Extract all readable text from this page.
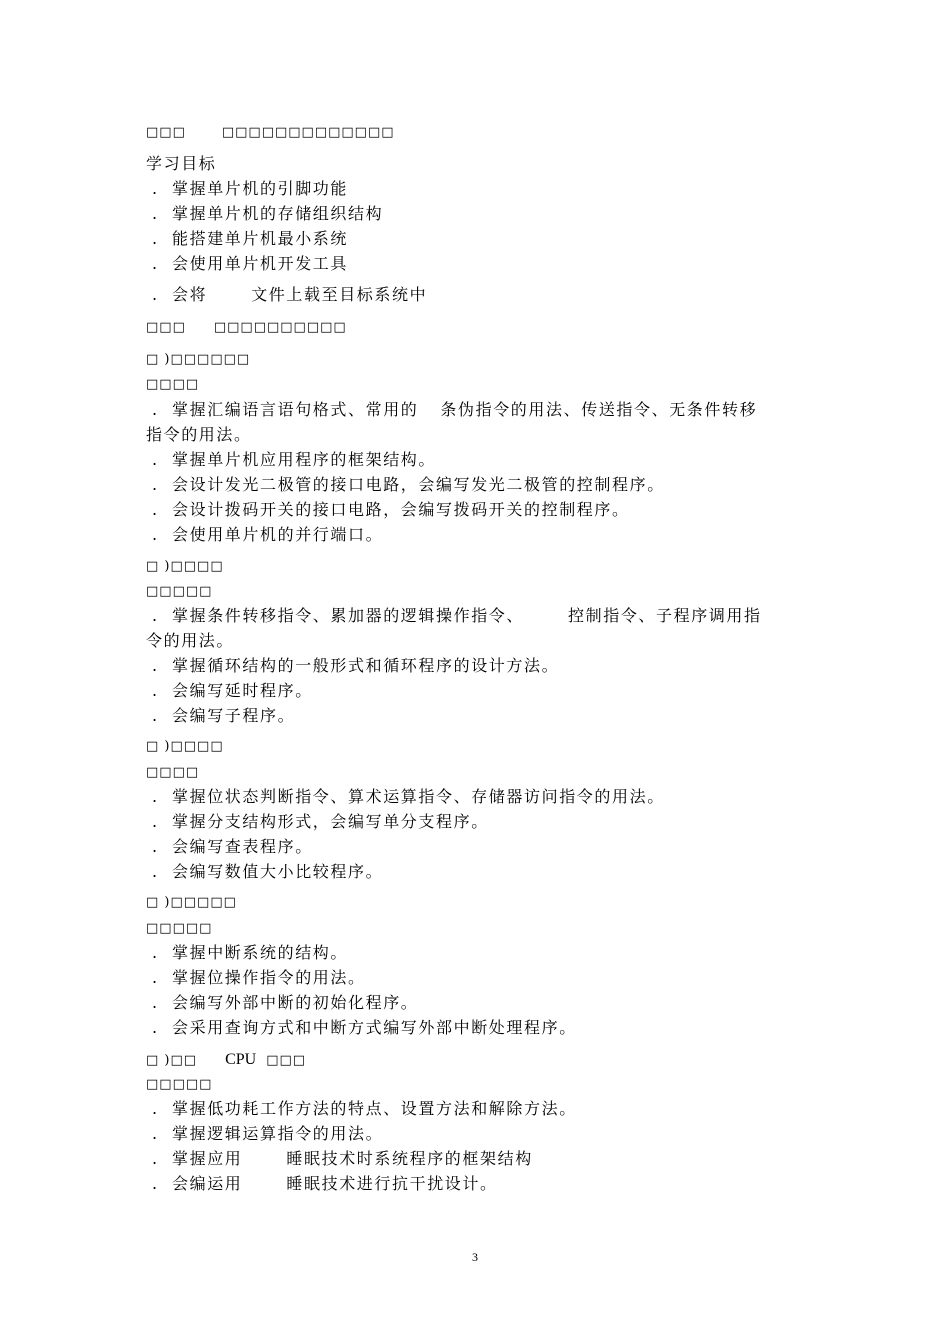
□□□	□□□□□□□□□□□□□
学习目标
. 掌握单片机的引脚功能
. 掌握单片机的存储组织结构
. 能搭建单片机最小系统
. 会使用单片机开发工具
. 会将	文件上载至目标系统中
□□□ □□□□□□□□□□
□ )□□□□□□
□□□□
. 掌握汇编语言语句格式、常用的 条伪指令的用法、传送指令、无条件转移
指令的用法。
. 掌握单片机应用程序的框架结构。
. 会设计发光二极管的接口电路，会编写发光二极管的控制程序。
. 会设计拨码开关的接口电路，会编写拨码开关的控制程序。
. 会使用单片机的并行端口。
□ )□□□□
□□□□□
. 掌握条件转移指令、累加器的逻辑操作指令、	控制指令、子程序调用指
令的用法。
. 掌握循环结构的一般形式和循环程序的设计方法。
. 会编写延时程序。
. 会编写子程序。
□ )□□□□
□□□□
. 掌握位状态判断指令、算术运算指令、存储器访问指令的用法。
. 掌握分支结构形式，会编写单分支程序。
. 会编写查表程序。
. 会编写数值大小比较程序。
□ )□□□□□
□□□□□
. 掌握中断系统的结构。
. 掌握位操作指令的用法。
. 会编写外部中断的初始化程序。
. 会采用查询方式和中断方式编写外部中断处理程序。
□ )□□ CPU □□□
□□□□□
. 掌握低功耗工作方法的特点、设置方法和解除方法。
. 掌握逻辑运算指令的用法。
. 掌握应用	睡眠技术时系统程序的框架结构
. 会编运用	睡眠技术进行抗干扰设计。
3
